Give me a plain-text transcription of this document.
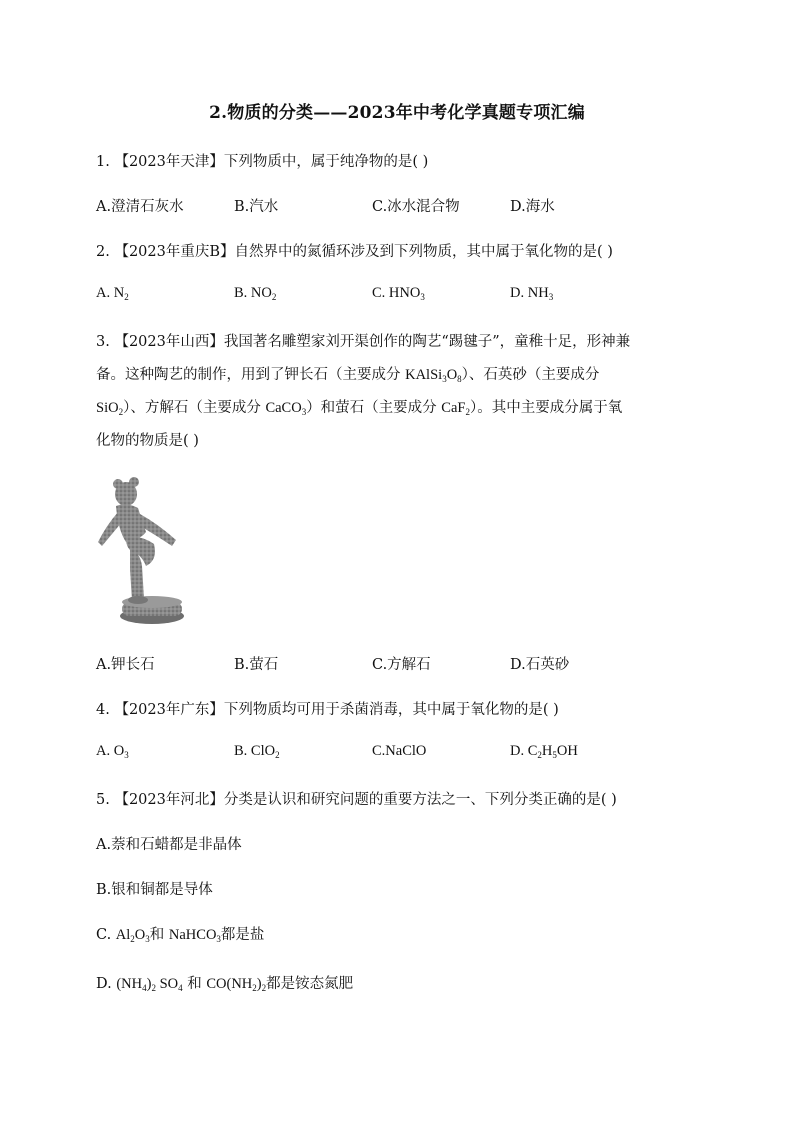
2.物质的分类——2023年中考化学真题专项汇编
1. 【2023年天津】下列物质中，属于纯净物的是( )
A.澄清石灰水	B.汽水	C.冰水混合物	D.海水
2. 【2023年重庆B】自然界中的氮循环涉及到下列物质，其中属于氧化物的是( )
A. $N_2$	B. $NO_2$	C. $HNO_3$	D. $NH_3$
3. 【2023年山西】我国著名雕塑家刘开渠创作的陶艺“踢毽子”，童稚十足，形神兼
备。这种陶艺的制作，用到了钾长石（主要成分 $KAlSi_3O_8$）、石英砂（主要成分
SiO$_2$）、方解石（主要成分 CaCO$_3$）和萤石（主要成分 CaF$_2$）。其中主要成分属于氧
化物的物质是( )
A.钾长石	B.萤石	C.方解石	D.石英砂
4. 【2023年广东】下列物质均可用于杀菌消毒，其中属于氧化物的是( )
A. $O_3$	B. ClO$_2$	C.NaClO	D. $C_2H_5OH$
5. 【2023年河北】分类是认识和研究问题的重要方法之一、下列分类正确的是( )
A.萘和石蜡都是非晶体
B.银和铜都是导体
C. $Al_2O_3$和 NaHCO$_3$都是盐
D. $(NH_4)_2$ $SO_4$ 和 $CO(NH_2)_2$都是铵态氮肥
